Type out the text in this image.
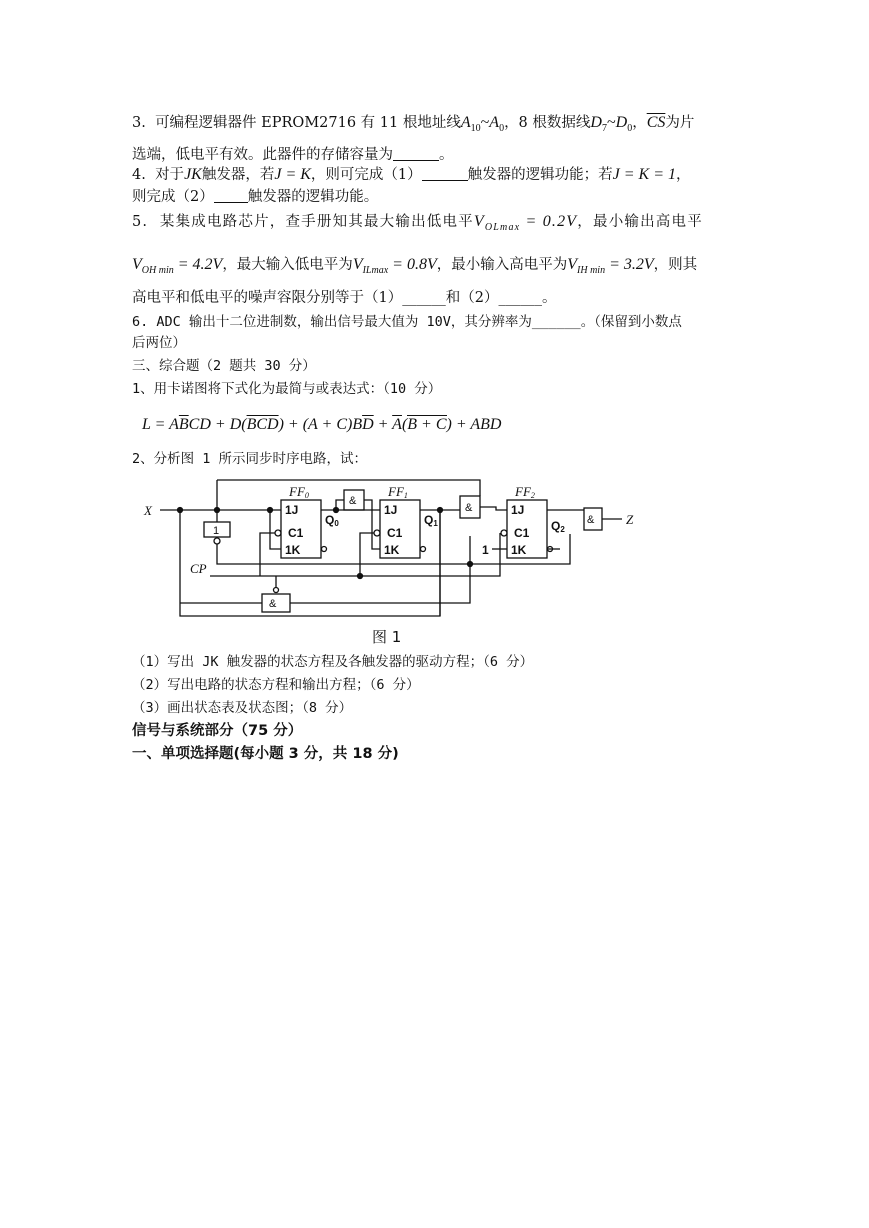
3. 可编程逻辑器件 EPROM2716 有 11 根地址线$A_{10}\sim A_0$，8 根数据线$D_7\sim D_0$，$\overline{CS}$为片
选端，低电平有效。此器件的存储容量为	。
4. 对于JK触发器，若J = K，则可完成（1）	触发器的逻辑功能；若J = K = 1，
则完成（2） 触发器的逻辑功能。
5. 某集成电路芯片，查手册知其最大输出低电平$V_{OLmax} = 0.2V$，最小输出高电平
$V_{OH min} = 4.2V$，最大输入低电平为$V_{ILmax} = 0.8V$，最小输入高电平为$V_{IH min} = 3.2V$，则其
高电平和低电平的噪声容限分别等于（1）______和（2）______。
6. ADC 输出十二位进制数，输出信号最大值为 10V，其分辨率为______。（保留到小数点
后两位）
三、综合题（2 题共 30 分）
1、用卡诺图将下式化为最简与或表达式：（10 分）
$L = A\overline{B}CD + D(\overline{BCD}) + (A + C)B\overline{D} + \overline{A}(B + C)$ + ABD
2、分析图 1 所示同步时序电路，试：
1J
C1
1K
1J
C1
1K
1J
C1
1K
Q0	Q1	Q2
1
&
&
&
&
1
X
Z
CP
FF0	FF1	FF2
图 1
（1）写出 JK 触发器的状态方程及各触发器的驱动方程；（6 分）
（2）写出电路的状态方程和输出方程；（6 分）
（3）画出状态表及状态图；（8 分）
信号与系统部分（75 分）
一、单项选择题(每小题 3 分，共 18 分)
